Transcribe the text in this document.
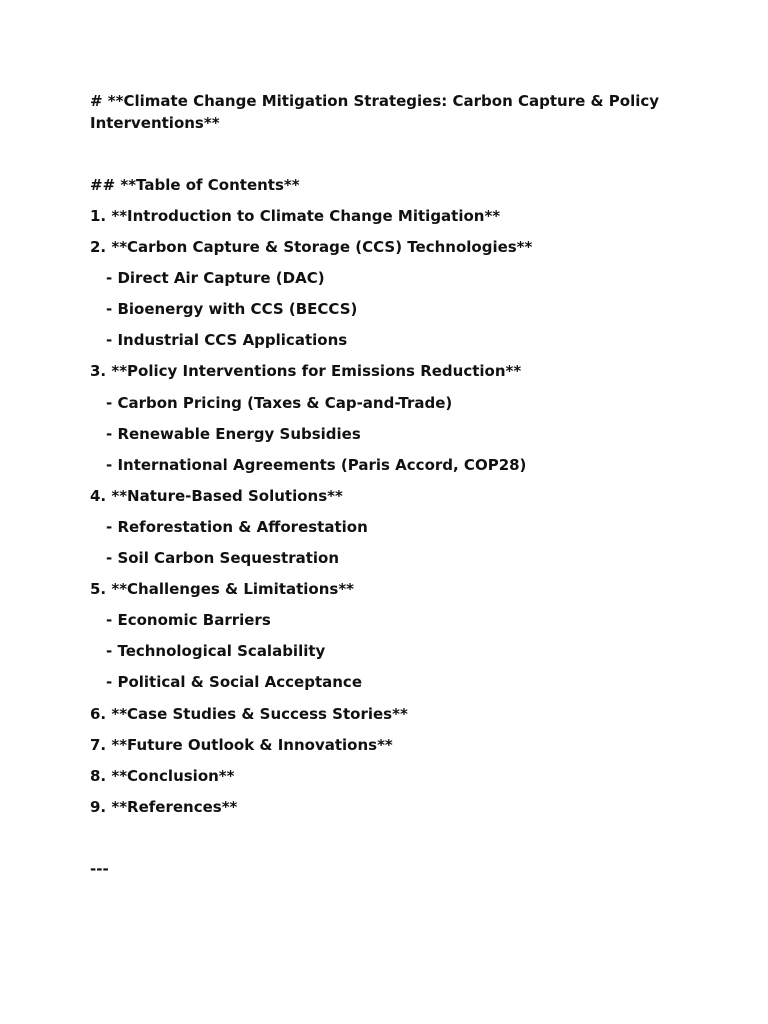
# **Climate Change Mitigation Strategies: Carbon Capture & Policy Interventions**

## **Table of Contents**

1. **Introduction to Climate Change Mitigation**
2. **Carbon Capture & Storage (CCS) Technologies**
- Direct Air Capture (DAC)
- Bioenergy with CCS (BECCS)
- Industrial CCS Applications
3. **Policy Interventions for Emissions Reduction**
- Carbon Pricing (Taxes & Cap-and-Trade)
- Renewable Energy Subsidies
- International Agreements (Paris Accord, COP28)
4. **Nature-Based Solutions**
- Reforestation & Afforestation
- Soil Carbon Sequestration
5. **Challenges & Limitations**
- Economic Barriers
- Technological Scalability
- Political & Social Acceptance
6. **Case Studies & Success Stories**
7. **Future Outlook & Innovations**
8. **Conclusion**
9. **References**

---
